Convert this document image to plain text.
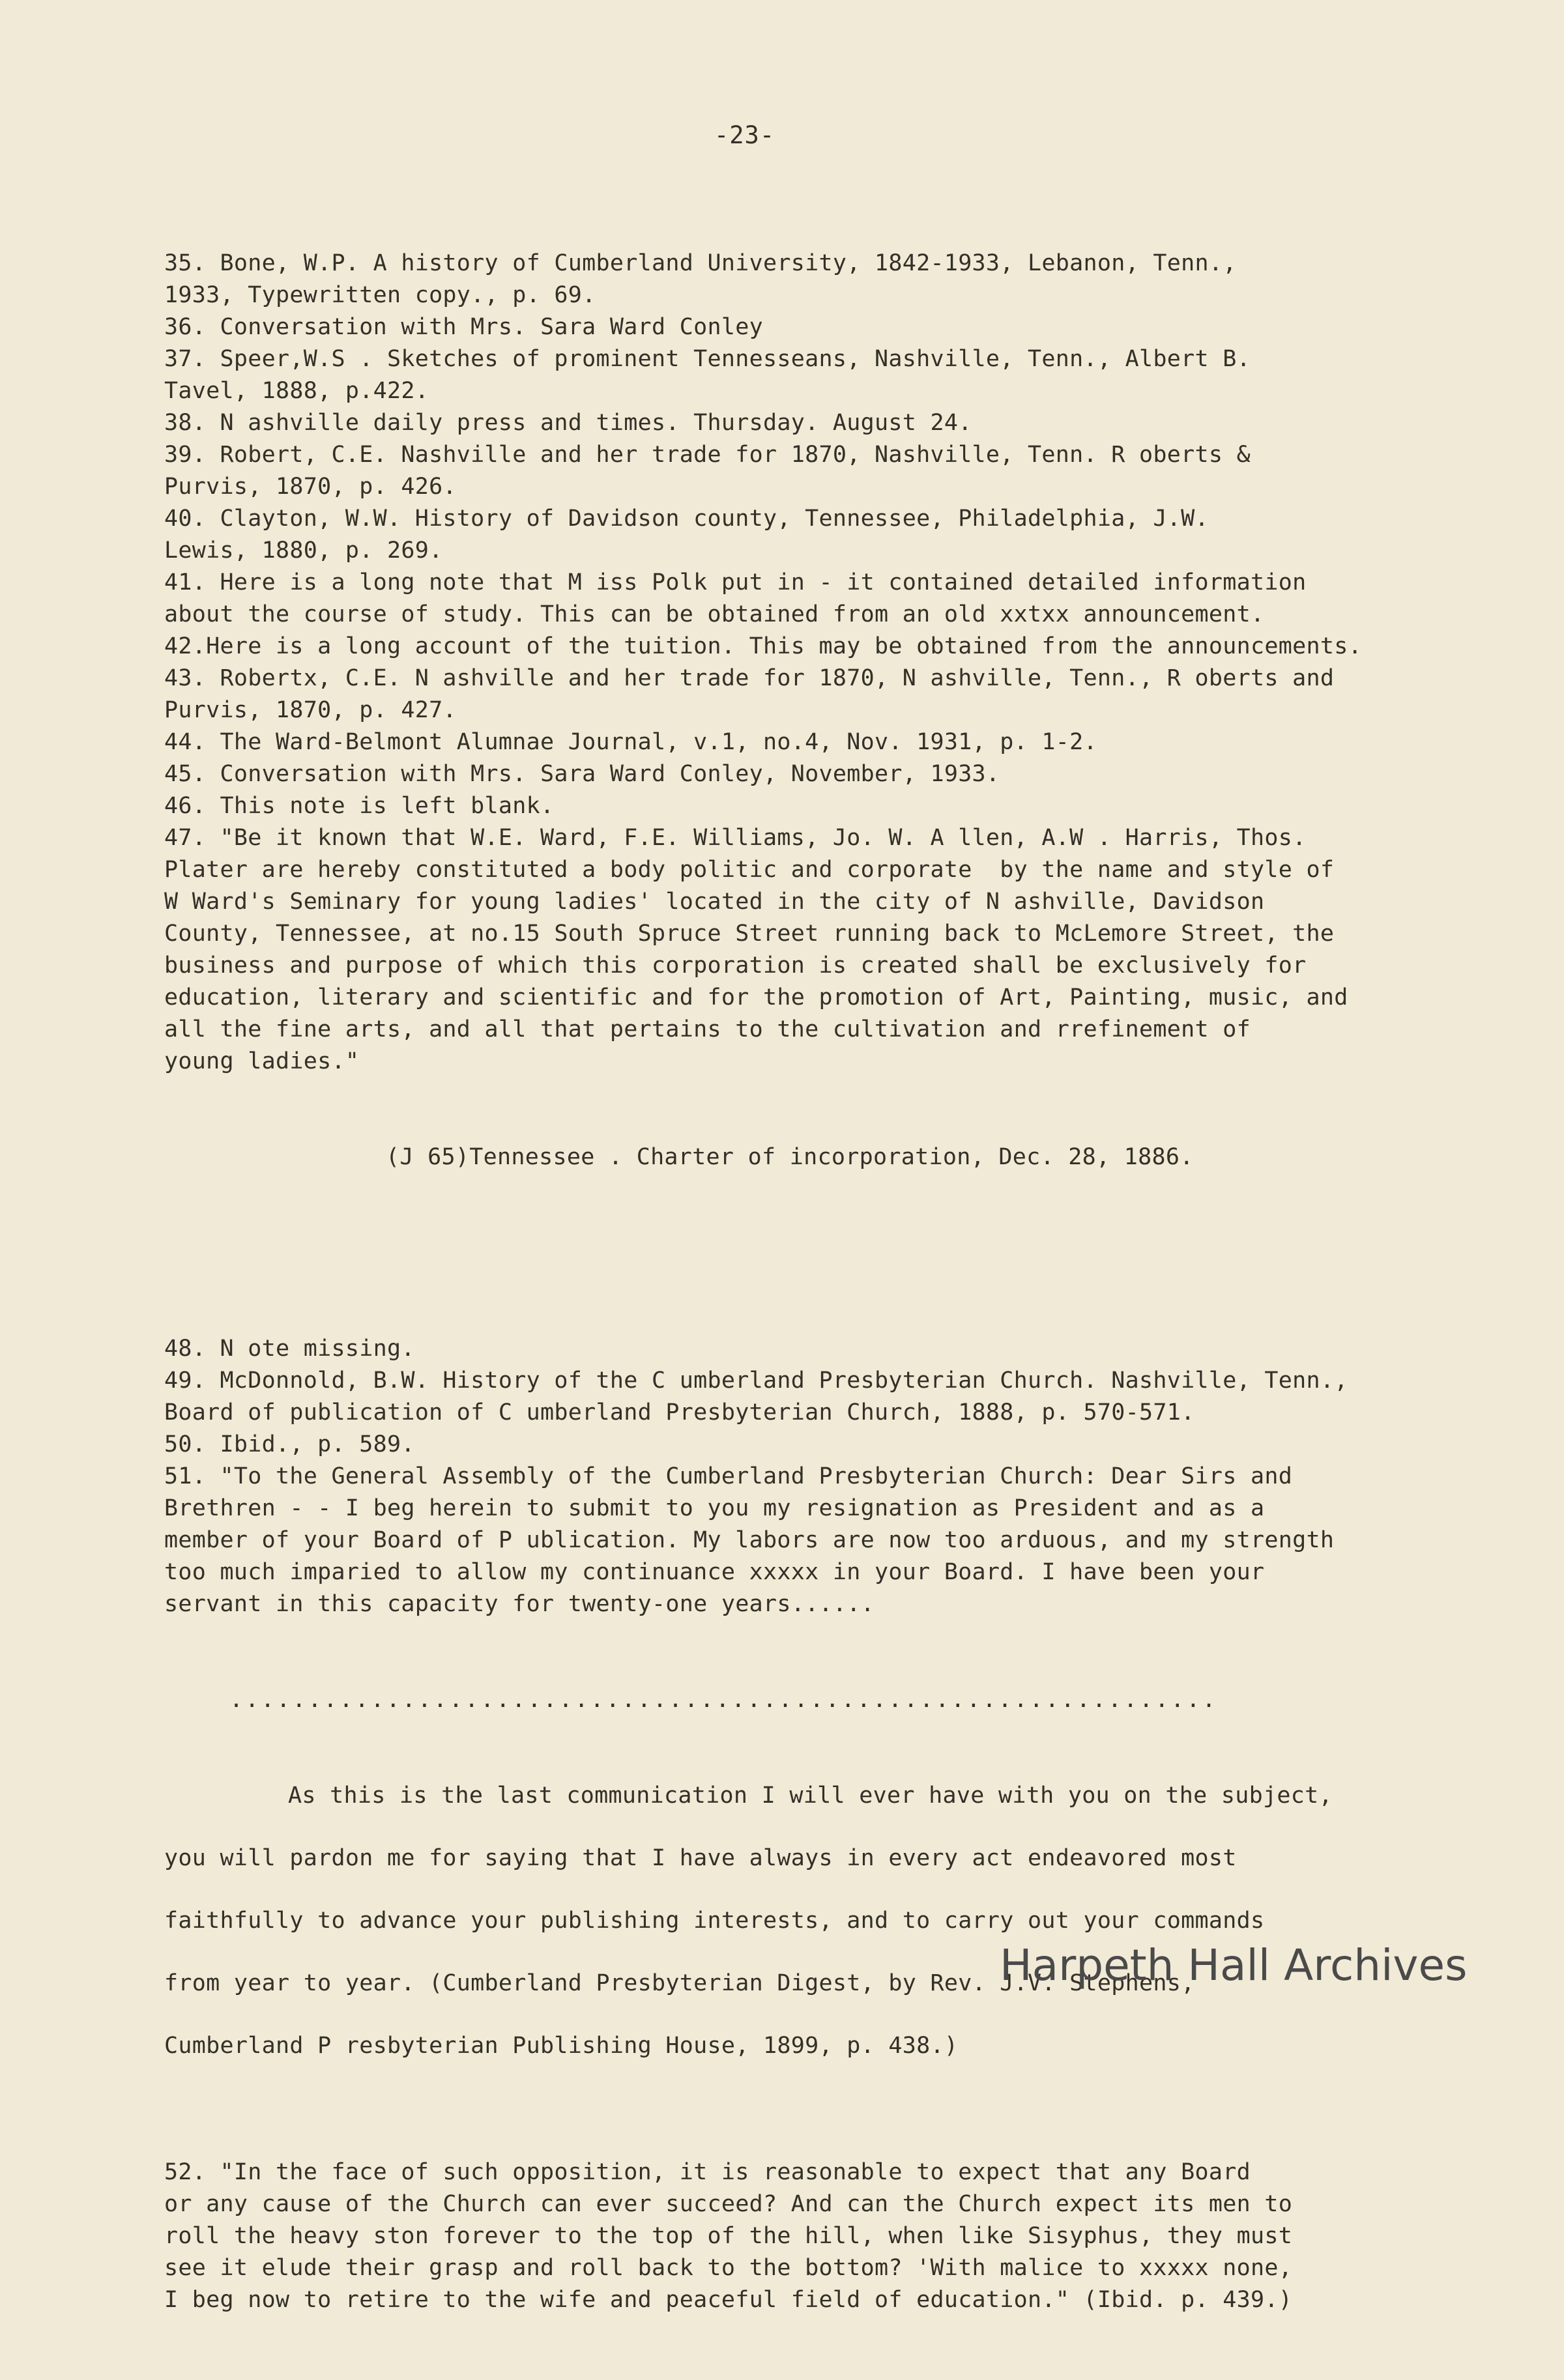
-23-

35. Bone, W.P. A history of Cumberland University, 1842-1933, Lebanon, Tenn.,
1933, Typewritten copy., p. 69.
36. Conversation with Mrs. Sara Ward Conley
37. Speer,W.S . Sketches of prominent Tennesseans, Nashville, Tenn., Albert B.
Tavel, 1888, p.422.
38. N ashville daily press and times. Thursday. August 24.
39. Robert, C.E. Nashville and her trade for 1870, Nashville, Tenn. R oberts &
Purvis, 1870, p. 426.
40. Clayton, W.W. History of Davidson county, Tennessee, Philadelphia, J.W.
Lewis, 1880, p. 269.
41. Here is a long note that M iss Polk put in - it contained detailed information
about the course of study. This can be obtained from an old xxtxx announcement.
42.Here is a long account of the tuition. This may be obtained from the announcements.
43. Robertx, C.E. N ashville and her trade for 1870, N ashville, Tenn., R oberts and
Purvis, 1870, p. 427.
44. The Ward-Belmont Alumnae Journal, v.1, no.4, Nov. 1931, p. 1-2.
45. Conversation with Mrs. Sara Ward Conley, November, 1933.
46. This note is left blank.
47. "Be it known that W.E. Ward, F.E. Williams, Jo. W. A llen, A.W . Harris, Thos.
Plater are hereby constituted a body politic and corporate  by the name and style of
W Ward's Seminary for young ladies' located in the city of N ashville, Davidson
County, Tennessee, at no.15 South Spruce Street running back to McLemore Street, the
business and purpose of which this corporation is created shall be exclusively for
education, literary and scientific and for the promotion of Art, Painting, music, and
all the fine arts, and all that pertains to the cultivation and rrefinement of
young ladies."

(J 65)Tennessee . Charter of incorporation, Dec. 28, 1886.

48. N ote missing.
49. McDonnold, B.W. History of the C umberland Presbyterian Church. Nashville, Tenn.,
Board of publication of C umberland Presbyterian Church, 1888, p. 570-571.
50. Ibid., p. 589.
51. "To the General Assembly of the Cumberland Presbyterian Church: Dear Sirs and
Brethren - - I beg herein to submit to you my resignation as President and as a
member of your Board of P ublication. My labors are now too arduous, and my strength
too much imparied to allow my continuance xxxxx in your Board. I have been your
servant in this capacity for twenty-one years......

...............................................................

As this is the last communication I will ever have with you on the subject,
you will pardon me for saying that I have always in every act endeavored most
faithfully to advance your publishing interests, and to carry out your commands
from year to year. (Cumberland Presbyterian Digest, by Rev. J.V. Stephens,
Cumberland P resbyterian Publishing House, 1899, p. 438.)

52. "In the face of such opposition, it is reasonable to expect that any Board
or any cause of the Church can ever succeed? And can the Church expect its men to
roll the heavy ston forever to the top of the hill, when like Sisyphus, they must
see it elude their grasp and roll back to the bottom? 'With malice to xxxxx none,
I beg now to retire to the wife and peaceful field of education." (Ibid. p. 439.)

Harpeth Hall Archives
